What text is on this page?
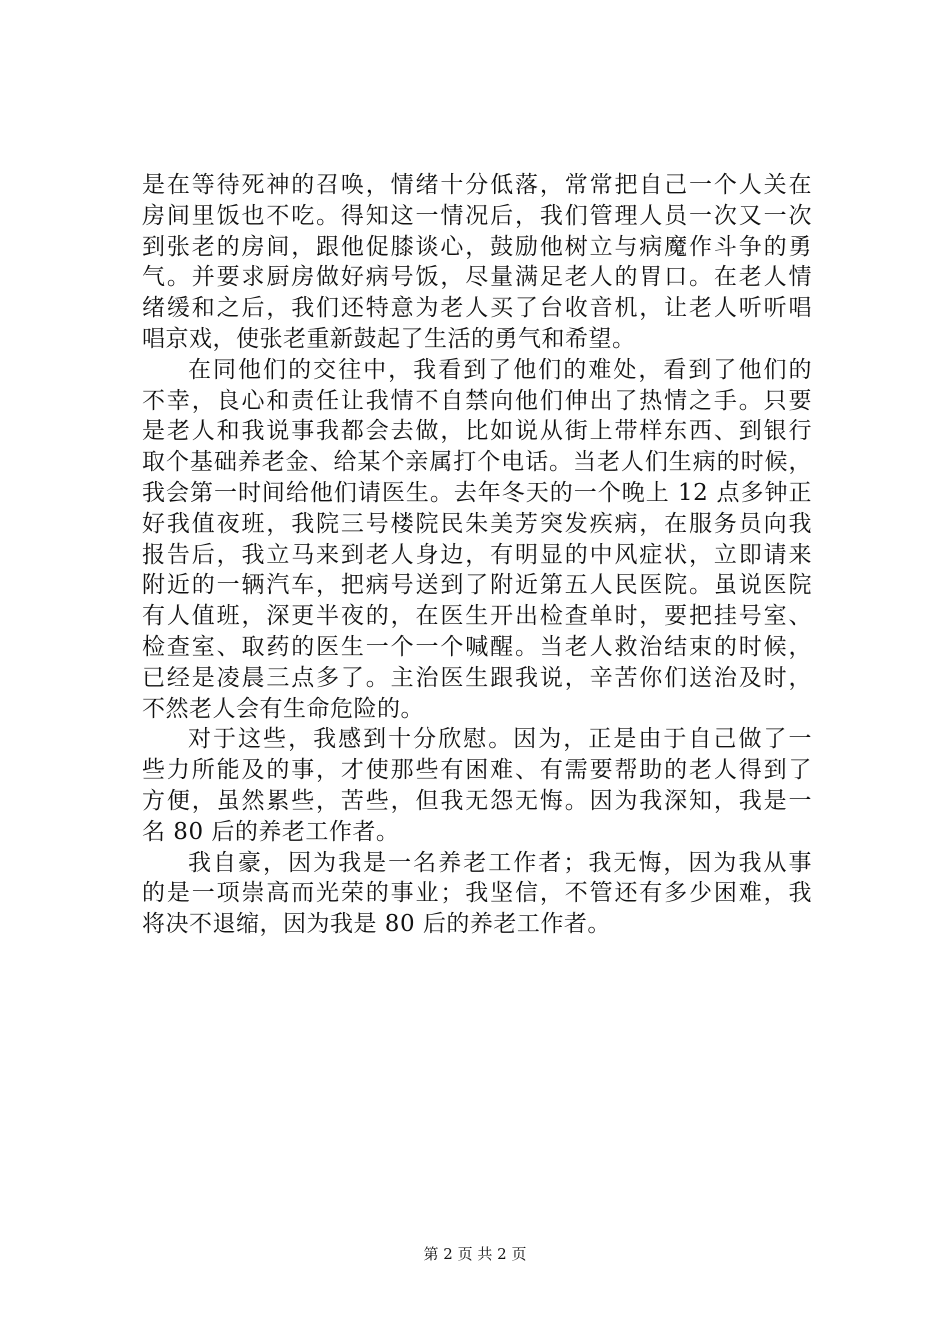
是在等待死神的召唤，情绪十分低落，常常把自己一个人关在
房间里饭也不吃。得知这一情况后，我们管理人员一次又一次
到张老的房间，跟他促膝谈心，鼓励他树立与病魔作斗争的勇
气。并要求厨房做好病号饭，尽量满足老人的胃口。在老人情
绪缓和之后，我们还特意为老人买了台收音机，让老人听听唱
唱京戏，使张老重新鼓起了生活的勇气和希望。
在同他们的交往中，我看到了他们的难处，看到了他们的
不幸，良心和责任让我情不自禁向他们伸出了热情之手。只要
是老人和我说事我都会去做，比如说从街上带样东西、到银行
取个基础养老金、给某个亲属打个电话。当老人们生病的时候，
我会第一时间给他们请医生。去年冬天的一个晚上 12 点多钟正
好我值夜班，我院三号楼院民朱美芳突发疾病，在服务员向我
报告后，我立马来到老人身边，有明显的中风症状，立即请来
附近的一辆汽车，把病号送到了附近第五人民医院。虽说医院
有人值班，深更半夜的，在医生开出检查单时，要把挂号室、
检查室、取药的医生一个一个喊醒。当老人救治结束的时候，
已经是凌晨三点多了。主治医生跟我说，辛苦你们送治及时，
不然老人会有生命危险的。
对于这些，我感到十分欣慰。因为，正是由于自己做了一
些力所能及的事，才使那些有困难、有需要帮助的老人得到了
方便，虽然累些，苦些，但我无怨无悔。因为我深知，我是一
名 80 后的养老工作者。
我自豪，因为我是一名养老工作者；我无悔，因为我从事
的是一项崇高而光荣的事业；我坚信，不管还有多少困难，我
将决不退缩，因为我是 80 后的养老工作者。
第 2 页 共 2 页
